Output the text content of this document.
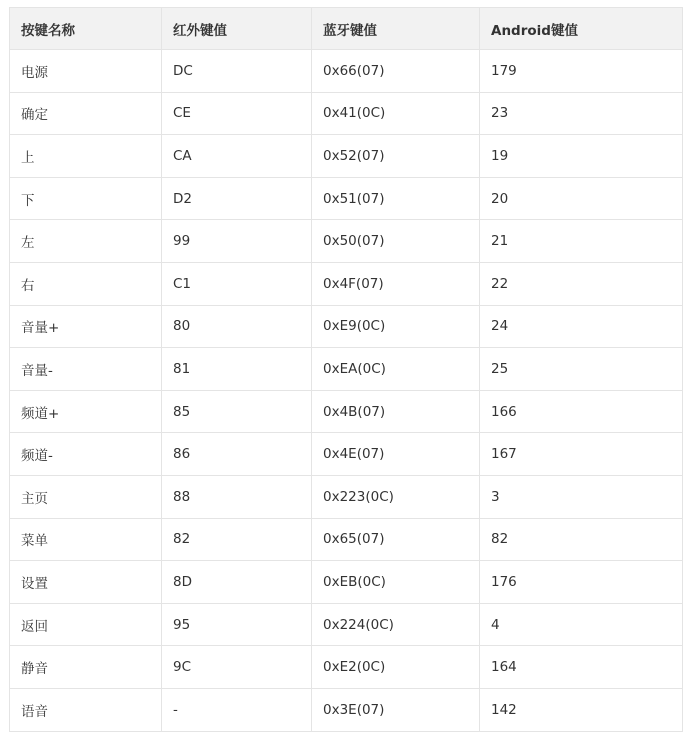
按键名称	红外键值	蓝牙键值	Android键值
电源	DC	0x66(07)	179
确定	CE	0x41(0C)	23
上	CA	0x52(07)	19
下	D2	0x51(07)	20
左	99	0x50(07)	21
右	C1	0x4F(07)	22
音量+	80	0xE9(0C)	24
音量-	81	0xEA(0C)	25
频道+	85	0x4B(07)	166
频道-	86	0x4E(07)	167
主页	88	0x223(0C)	3
菜单	82	0x65(07)	82
设置	8D	0xEB(0C)	176
返回	95	0x224(0C)	4
静音	9C	0xE2(0C)	164
语音	-	0x3E(07)	142
